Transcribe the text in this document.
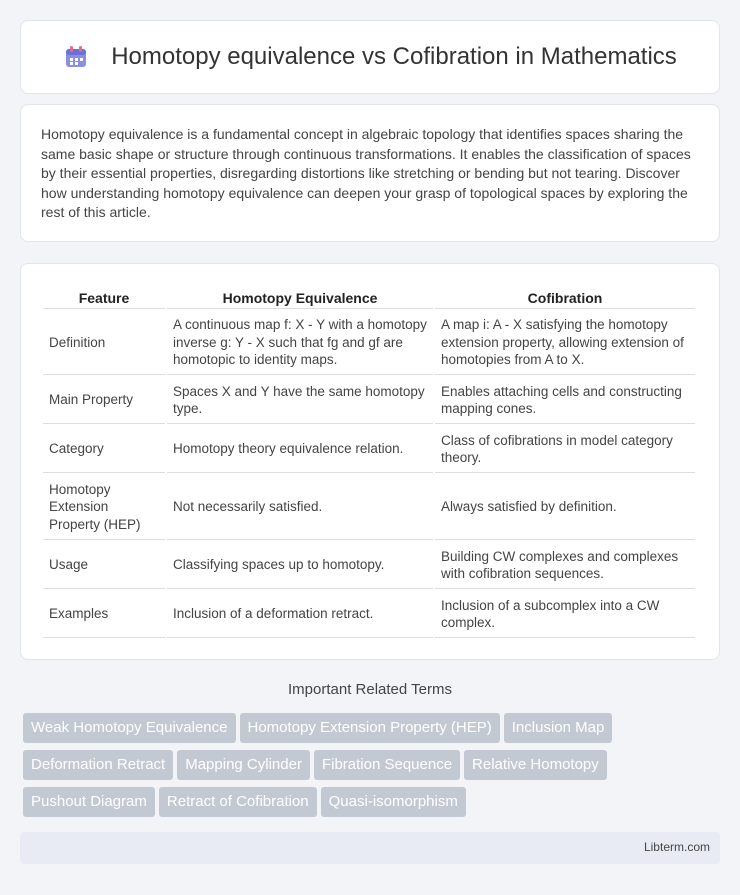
Homotopy equivalence vs Cofibration in Mathematics

Homotopy equivalence is a fundamental concept in algebraic topology that identifies spaces sharing the same basic shape or structure through continuous transformations. It enables the classification of spaces by their essential properties, disregarding distortions like stretching or bending but not tearing. Discover how understanding homotopy equivalence can deepen your grasp of topological spaces by exploring the rest of this article.

Feature	Homotopy Equivalence	Cofibration
Definition	A continuous map f: X - Y with a homotopy inverse g: Y - X such that fg and gf are homotopic to identity maps.	A map i: A - X satisfying the homotopy extension property, allowing extension of homotopies from A to X.
Main Property	Spaces X and Y have the same homotopy type.	Enables attaching cells and constructing mapping cones.
Category	Homotopy theory equivalence relation.	Class of cofibrations in model category theory.
Homotopy Extension Property (HEP)	Not necessarily satisfied.	Always satisfied by definition.
Usage	Classifying spaces up to homotopy.	Building CW complexes and complexes with cofibration sequences.
Examples	Inclusion of a deformation retract.	Inclusion of a subcomplex into a CW complex.
Important Related Terms
Weak Homotopy Equivalence Homotopy Extension Property (HEP) Inclusion Map
Deformation Retract Mapping Cylinder Fibration Sequence Relative Homotopy
Pushout Diagram Retract of Cofibration Quasi-isomorphism
Libterm.com
